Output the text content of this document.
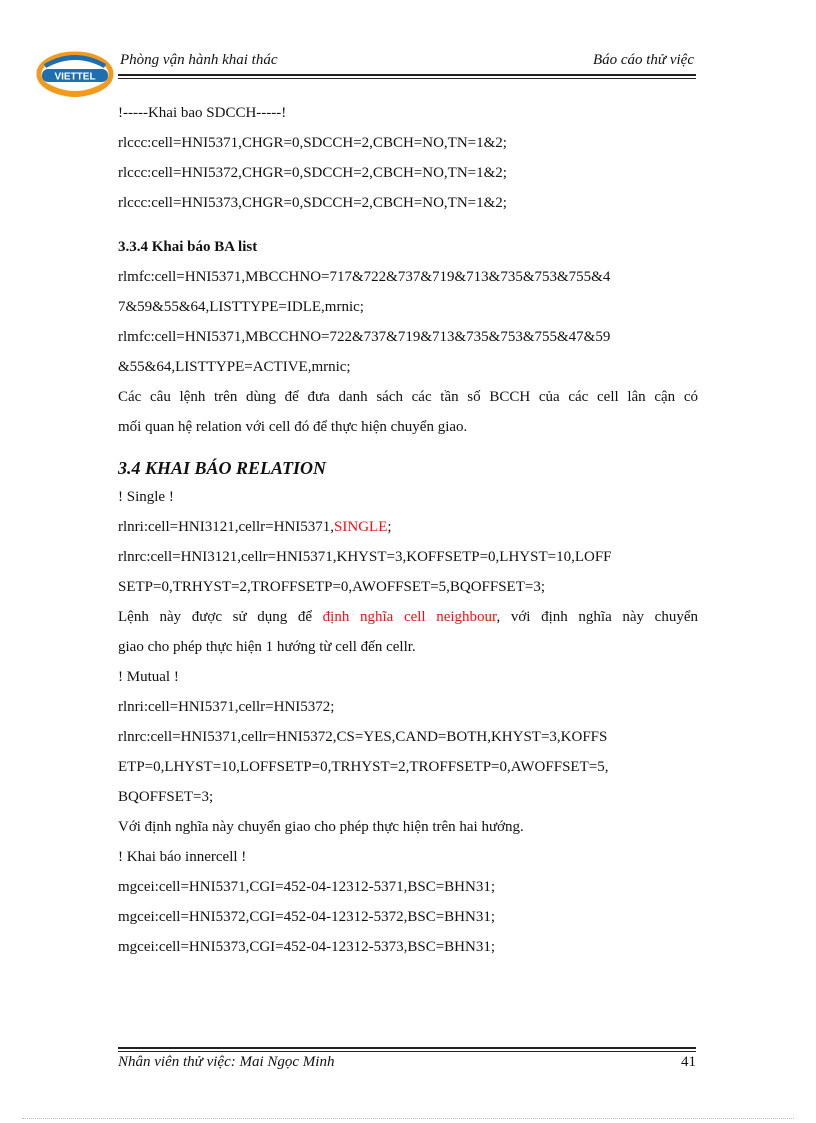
VIETTEL
Phòng vận hành khai thác	Báo cáo thử việc
!-----Khai bao SDCCH-----!
rlccc:cell=HNI5371,CHGR=0,SDCCH=2,CBCH=NO,TN=1&2;
rlccc:cell=HNI5372,CHGR=0,SDCCH=2,CBCH=NO,TN=1&2;
rlccc:cell=HNI5373,CHGR=0,SDCCH=2,CBCH=NO,TN=1&2;
3.3.4 Khai báo BA list
rlmfc:cell=HNI5371,MBCCHNO=717&722&737&719&713&735&753&755&4
7&59&55&64,LISTTYPE=IDLE,mrnic;
rlmfc:cell=HNI5371,MBCCHNO=722&737&719&713&735&753&755&47&59
&55&64,LISTTYPE=ACTIVE,mrnic;
Các câu lệnh trên dùng để đưa danh sách các tần số BCCH của các cell lân cận có
mối quan hệ relation với cell đó để thực hiện chuyển giao.
3.4 KHAI BÁO RELATION
! Single !
rlnri:cell=HNI3121,cellr=HNI5371,SINGLE;
rlnrc:cell=HNI3121,cellr=HNI5371,KHYST=3,KOFFSETP=0,LHYST=10,LOFF
SETP=0,TRHYST=2,TROFFSETP=0,AWOFFSET=5,BQOFFSET=3;
Lệnh này được sử dụng để định nghĩa cell neighbour, với định nghĩa này chuyển
giao cho phép thực hiện 1 hướng từ cell đến cellr.
! Mutual !
rlnri:cell=HNI5371,cellr=HNI5372;
rlnrc:cell=HNI5371,cellr=HNI5372,CS=YES,CAND=BOTH,KHYST=3,KOFFS
ETP=0,LHYST=10,LOFFSETP=0,TRHYST=2,TROFFSETP=0,AWOFFSET=5,
BQOFFSET=3;
Với định nghĩa này chuyển giao cho phép thực hiện trên hai hướng.
! Khai báo innercell !
mgcei:cell=HNI5371,CGI=452-04-12312-5371,BSC=BHN31;
mgcei:cell=HNI5372,CGI=452-04-12312-5372,BSC=BHN31;
mgcei:cell=HNI5373,CGI=452-04-12312-5373,BSC=BHN31;
Nhân viên thử việc: Mai Ngọc Minh	41
